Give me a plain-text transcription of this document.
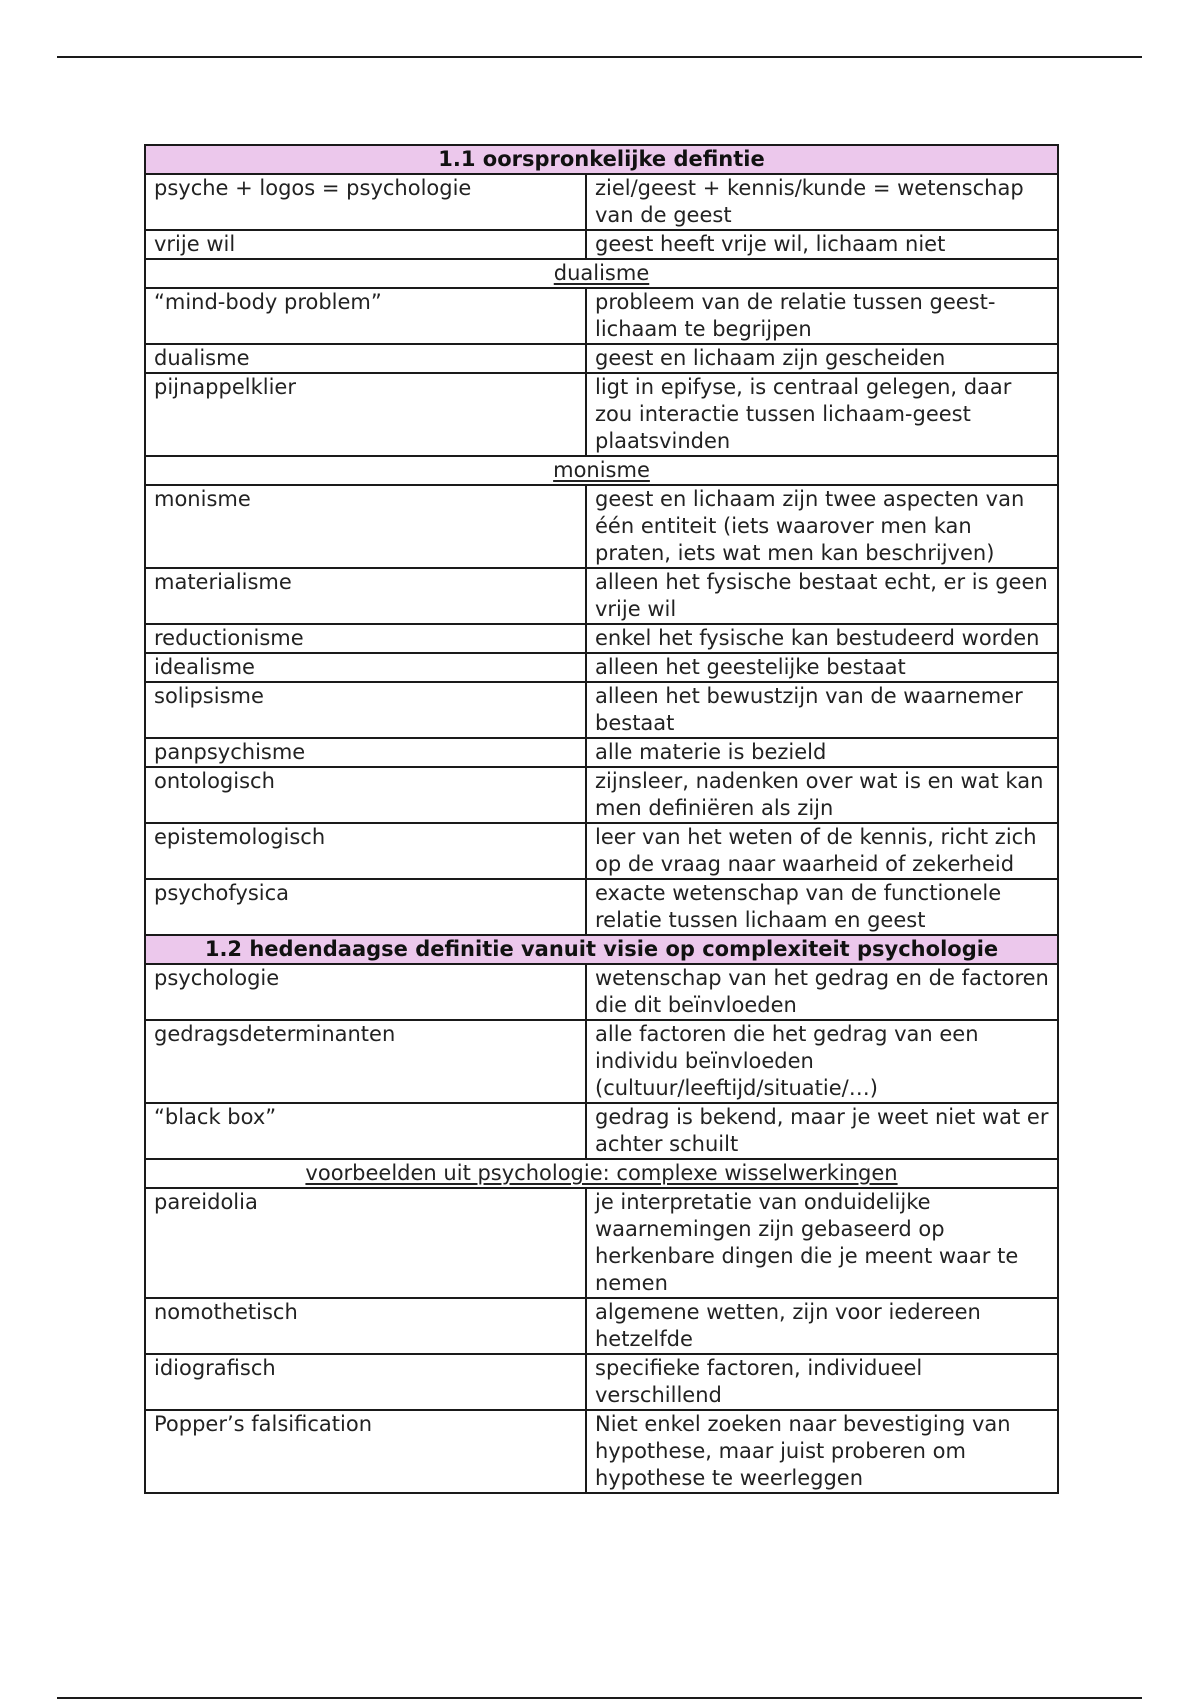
1.1 oorspronkelijke defintie	
psyche + logos = psychologie	ziel/geest + kennis/kunde = wetenschap van de geest
vrije wil	geest heeft vrije wil, lichaam niet
dualisme	
“mind-body problem”	probleem van de relatie tussen geest-lichaam te begrijpen
dualisme	geest en lichaam zijn gescheiden
pijnappelklier	ligt in epifyse, is centraal gelegen, daar zou interactie tussen lichaam-geest plaatsvinden
monisme	
monisme	geest en lichaam zijn twee aspecten van één entiteit (iets waarover men kan praten, iets wat men kan beschrijven)
materialisme	alleen het fysische bestaat echt, er is geen vrije wil
reductionisme	enkel het fysische kan bestudeerd worden
idealisme	alleen het geestelijke bestaat
solipsisme	alleen het bewustzijn van de waarnemer bestaat
panpsychisme	alle materie is bezield
ontologisch	zijnsleer, nadenken over wat is en wat kan men definiëren als zijn
epistemologisch	leer van het weten of de kennis, richt zich op de vraag naar waarheid of zekerheid
psychofysica	exacte wetenschap van de functionele relatie tussen lichaam en geest
1.2 hedendaagse definitie vanuit visie op complexiteit psychologie	
psychologie	wetenschap van het gedrag en de factoren die dit beïnvloeden
gedragsdeterminanten	alle factoren die het gedrag van een individu beïnvloeden (cultuur/leeftijd/situatie/…)
“black box”	gedrag is bekend, maar je weet niet wat er achter schuilt
voorbeelden uit psychologie: complexe wisselwerkingen	
pareidolia	je interpretatie van onduidelijke waarnemingen zijn gebaseerd op herkenbare dingen die je meent waar te nemen
nomothetisch	algemene wetten, zijn voor iedereen hetzelfde
idiografisch	specifieke factoren, individueel verschillend
Popper’s falsification	Niet enkel zoeken naar bevestiging van hypothese, maar juist proberen om hypothese te weerleggen
